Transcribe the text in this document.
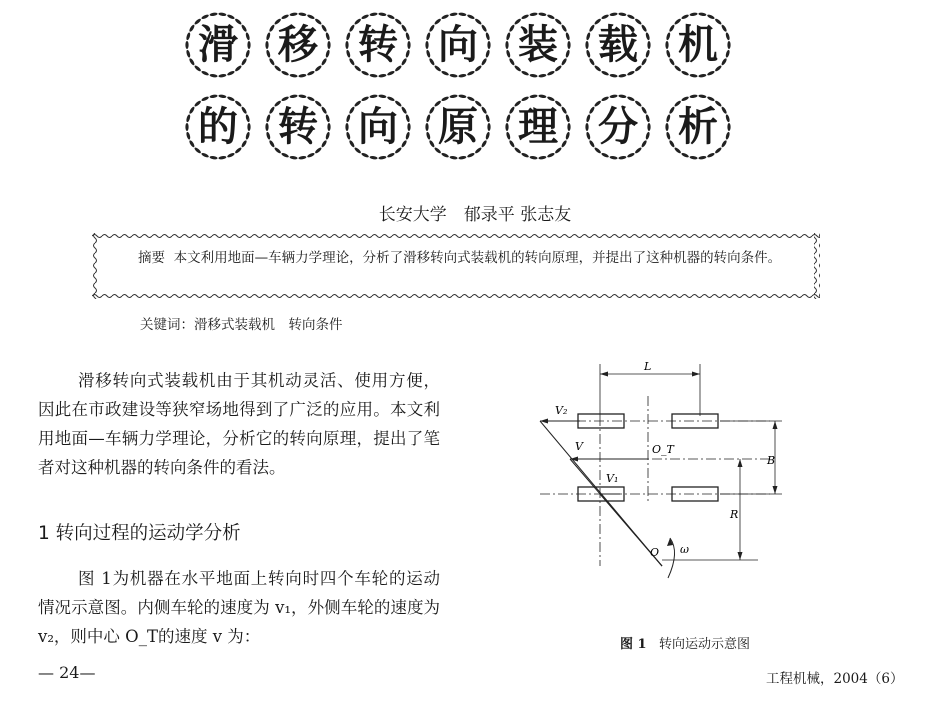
滑 移 转 向 装 载 机
的 转 向 原 理 分 析
长安大学　郁录平 张志友
摘要 本文利用地面—车辆力学理论，分析了滑移转向式装载机的转向原理，并提出了这种机器的转向条件。
关键词：滑移式装载机　转向条件
滑移转向式装载机由于其机动灵活、使用方便，因此在市政建设等狭窄场地得到了广泛的应用。本文利用地面—车辆力学理论，分析它的转向原理，提出了笔者对这种机器的转向条件的看法。
1 转向过程的运动学分析
图 1为机器在水平地面上转向时四个车轮的运动情况示意图。内侧车轮的速度为 v₁，外侧车轮的速度为 v₂，则中心 O_T的速度 v 为：
L
V₂
V	O_T
V₁
B
R
O ω
图 1 转向运动示意图
— 24—	工程机械，2004（6）
